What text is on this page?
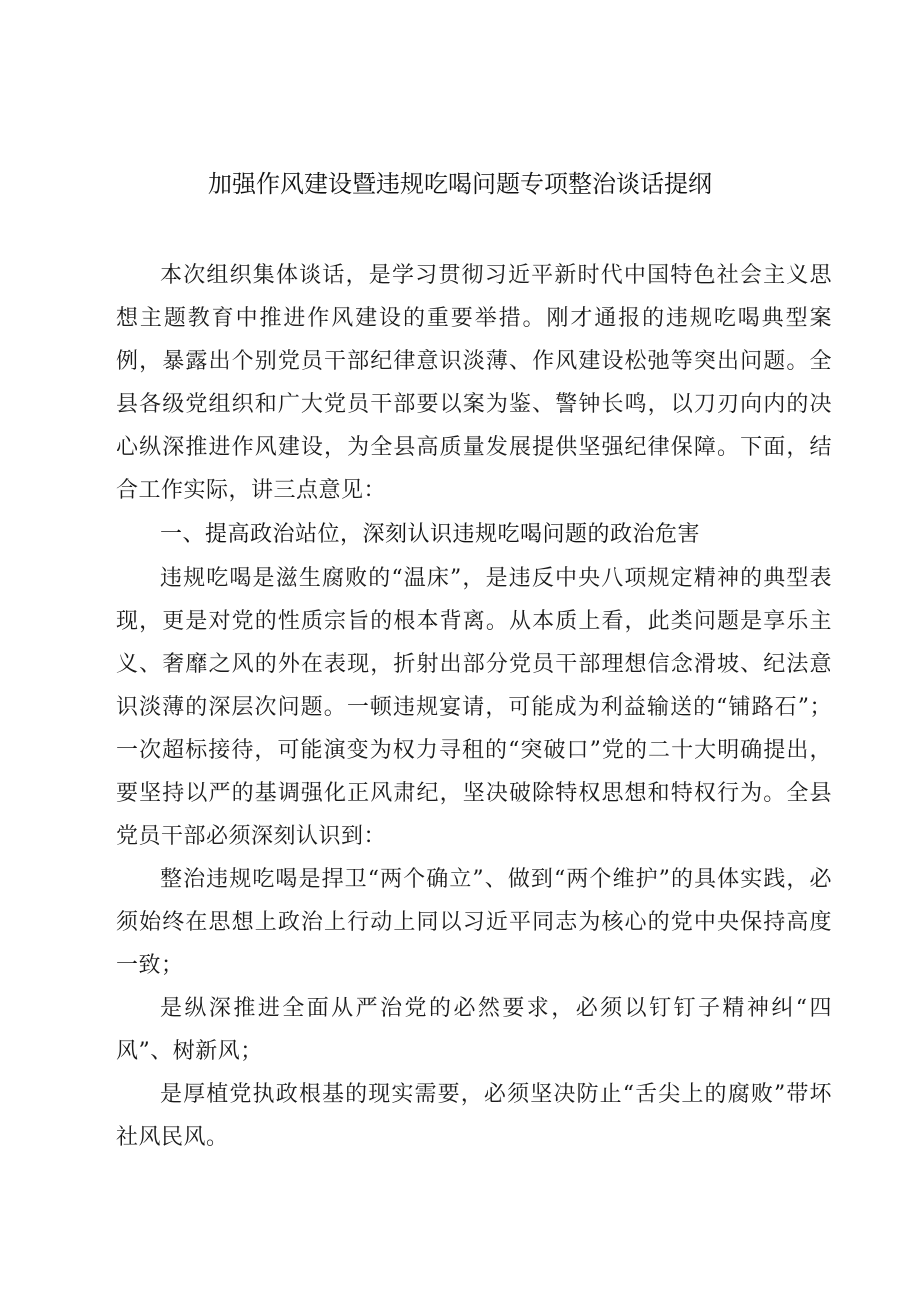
加强作风建设暨违规吃喝问题专项整治谈话提纲

本次组织集体谈话，是学习贯彻习近平新时代中国特色社会主义思想主题教育中推进作风建设的重要举措。刚才通报的违规吃喝典型案例，暴露出个别党员干部纪律意识淡薄、作风建设松弛等突出问题。全县各级党组织和广大党员干部要以案为鉴、警钟长鸣，以刀刃向内的决心纵深推进作风建设，为全县高质量发展提供坚强纪律保障。下面，结合工作实际，讲三点意见：

一、提高政治站位，深刻认识违规吃喝问题的政治危害

违规吃喝是滋生腐败的“温床”，是违反中央八项规定精神的典型表现，更是对党的性质宗旨的根本背离。从本质上看，此类问题是享乐主义、奢靡之风的外在表现，折射出部分党员干部理想信念滑坡、纪法意识淡薄的深层次问题。一顿违规宴请，可能成为利益输送的“铺路石”；一次超标接待，可能演变为权力寻租的“突破口”党的二十大明确提出，要坚持以严的基调强化正风肃纪，坚决破除特权思想和特权行为。全县党员干部必须深刻认识到：

整治违规吃喝是捍卫“两个确立”、做到“两个维护”的具体实践，必须始终在思想上政治上行动上同以习近平同志为核心的党中央保持高度一致；

是纵深推进全面从严治党的必然要求，必须以钉钉子精神纠“四风”、树新风；

是厚植党执政根基的现实需要，必须坚决防止“舌尖上的腐败”带坏社风民风。
